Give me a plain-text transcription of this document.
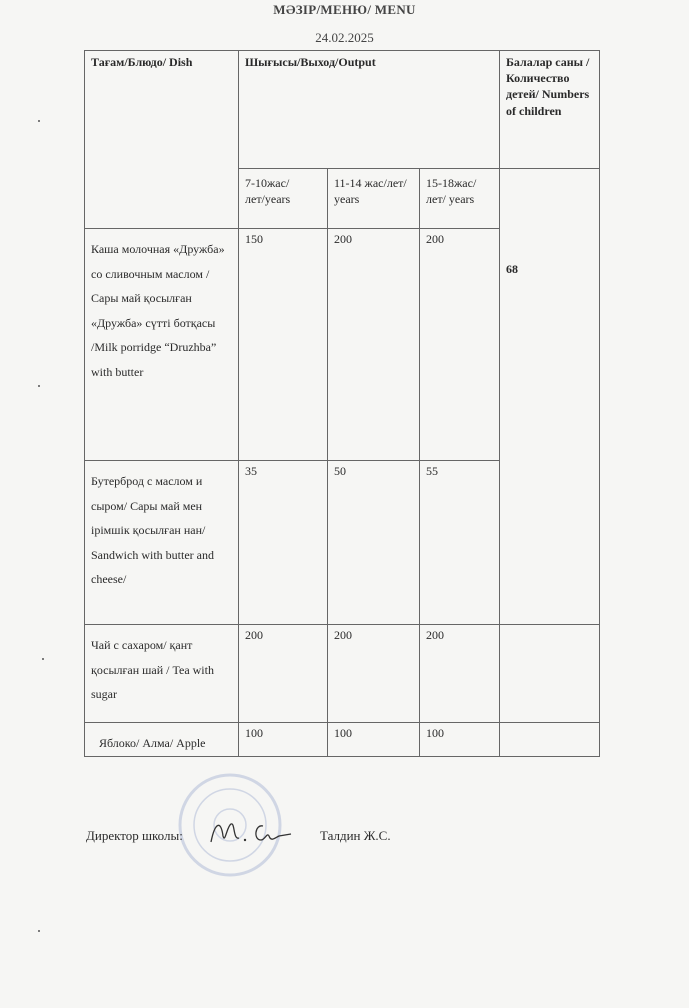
МӘЗІР/МЕНЮ/ MENU
24.02.2025
Тағам/Блюдо/ Dish	Шығысы/Выход/Output			Балалар саны /Количество детей/ Numbers of children
	7-10жас/лет/years	11-14 жас/лет/ years	15-18жас/лет/ years	68
Каша молочная «Дружба» со сливочным маслом / Сары май қосылған «Дружба» сүтті ботқасы /Milk porridge “Druzhba” with butter	150	200	200	
Бутерброд с маслом и сыром/ Сары май мен ірімшік қосылған нан/ Sandwich with butter and cheese/	35	50	55	
Чай с сахаром/ қант қосылған шай / Tea with sugar	200	200	200	
Яблоко/ Алма/ Apple	100	100	100	
Директор школы:	Талдин Ж.С.
